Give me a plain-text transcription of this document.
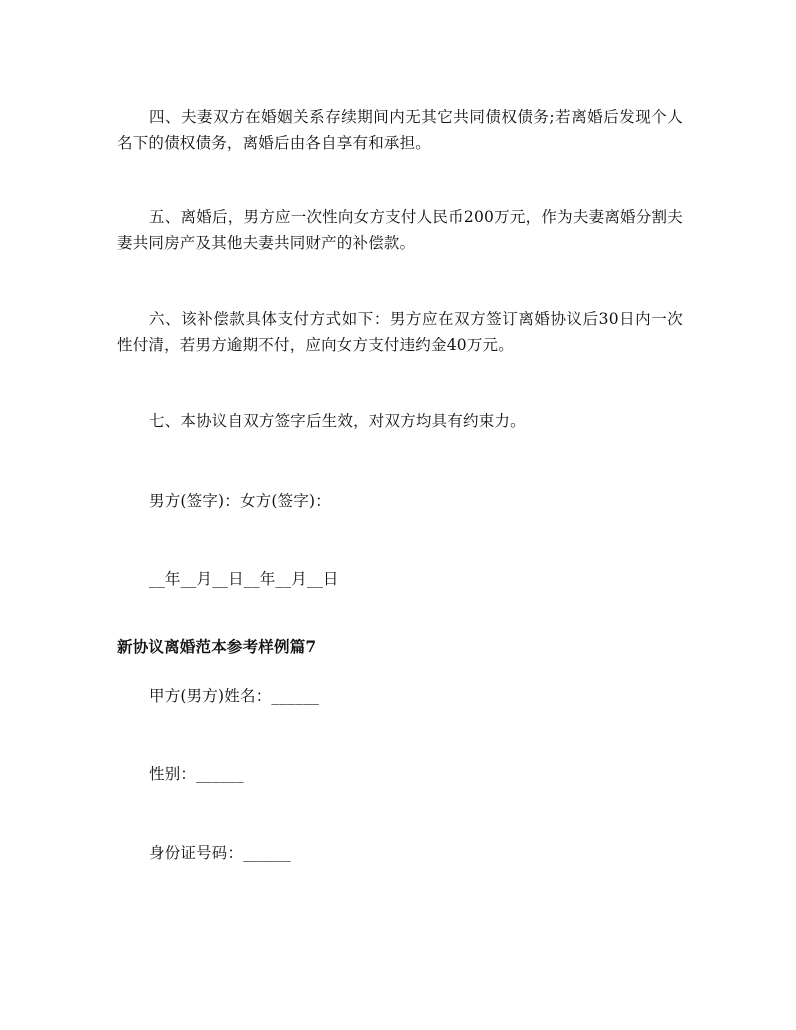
四、夫妻双方在婚姻关系存续期间内无其它共同债权债务;若离婚后发现个人名下的债权债务，离婚后由各自享有和承担。

五、离婚后，男方应一次性向女方支付人民币200万元，作为夫妻离婚分割夫妻共同房产及其他夫妻共同财产的补偿款。

六、该补偿款具体支付方式如下：男方应在双方签订离婚协议后30日内一次性付清，若男方逾期不付，应向女方支付违约金40万元。

七、本协议自双方签字后生效，对双方均具有约束力。

男方(签字)：女方(签字)：

__年__月__日__年__月__日

新协议离婚范本参考样例篇7

甲方(男方)姓名：______

性别：______

身份证号码：______
